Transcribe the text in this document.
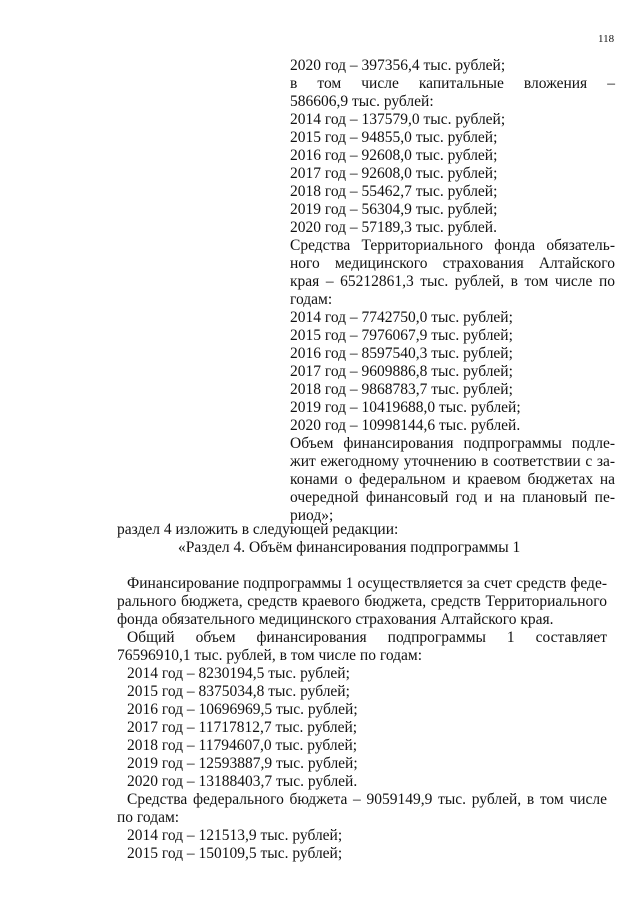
118
2020 год – 397356,4 тыс. рублей;
в том числе капитальные вложения –
586606,9 тыс. рублей:
2014 год – 137579,0 тыс. рублей;
2015 год – 94855,0 тыс. рублей;
2016 год – 92608,0 тыс. рублей;
2017 год – 92608,0 тыс. рублей;
2018 год – 55462,7 тыс. рублей;
2019 год – 56304,9 тыс. рублей;
2020 год – 57189,3 тыс. рублей.
Средства Территориального фонда обязатель-
ного медицинского страхования Алтайского
края – 65212861,3 тыс. рублей, в том числе по
годам:
2014 год – 7742750,0 тыс. рублей;
2015 год – 7976067,9 тыс. рублей;
2016 год – 8597540,3 тыс. рублей;
2017 год – 9609886,8 тыс. рублей;
2018 год – 9868783,7 тыс. рублей;
2019 год – 10419688,0 тыс. рублей;
2020 год – 10998144,6 тыс. рублей.
Объем финансирования подпрограммы подле-
жит ежегодному уточнению в соответствии с за-
конами о федеральном и краевом бюджетах на
очередной финансовый год и на плановый пе-
риод»;
раздел 4 изложить в следующей редакции:
«Раздел 4. Объём финансирования подпрограммы 1
Финансирование подпрограммы 1 осуществляется за счет средств феде-
рального бюджета, средств краевого бюджета, средств Территориального
фонда обязательного медицинского страхования Алтайского края.
Общий объем финансирования подпрограммы 1 составляет
76596910,1 тыс. рублей, в том числе по годам:
2014 год – 8230194,5 тыс. рублей;
2015 год – 8375034,8 тыс. рублей;
2016 год – 10696969,5 тыс. рублей;
2017 год – 11717812,7 тыс. рублей;
2018 год – 11794607,0 тыс. рублей;
2019 год – 12593887,9 тыс. рублей;
2020 год – 13188403,7 тыс. рублей.
Средства федерального бюджета – 9059149,9 тыс. рублей, в том числе
по годам:
2014 год – 121513,9 тыс. рублей;
2015 год – 150109,5 тыс. рублей;
